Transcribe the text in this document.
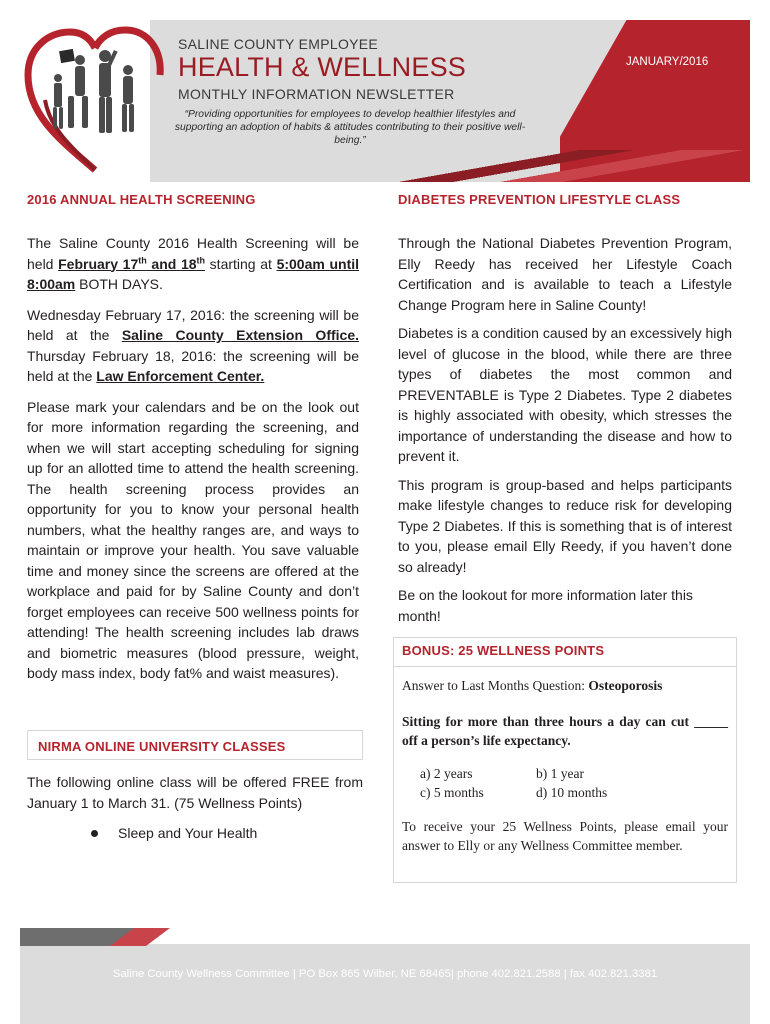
SALINE COUNTY EMPLOYEE
HEALTH & WELLNESS
MONTHLY INFORMATION NEWSLETTER
“Providing opportunities for employees to develop healthier lifestyles and supporting an adoption of habits & attitudes contributing to their positive well-being.”
JANUARY/2016
2016 ANNUAL HEALTH SCREENING

The Saline County 2016 Health Screening will be held February 17th and 18th starting at 5:00am until 8:00am BOTH DAYS.

Wednesday February 17, 2016: the screening will be held at the Saline County Extension Office. Thursday February 18, 2016: the screening will be held at the Law Enforcement Center.

Please mark your calendars and be on the look out for more information regarding the screening, and when we will start accepting scheduling for signing up for an allotted time to attend the health screening. The health screening process provides an opportunity for you to know your personal health numbers, what the healthy ranges are, and ways to maintain or improve your health. You save valuable time and money since the screens are offered at the workplace and paid for by Saline County and don’t forget employees can receive 500 wellness points for attending! The health screening includes lab draws and biometric measures (blood pressure, weight, body mass index, body fat% and waist measures).

NIRMA ONLINE UNIVERSITY CLASSES

The following online class will be offered FREE from January 1 to March 31. (75 Wellness Points)

Sleep and Your Health
DIABETES PREVENTION LIFESTYLE CLASS

Through the National Diabetes Prevention Program, Elly Reedy has received her Lifestyle Coach Certification and is available to teach a Lifestyle Change Program here in Saline County!

Diabetes is a condition caused by an excessively high level of glucose in the blood, while there are three types of diabetes the most common and PREVENTABLE is Type 2 Diabetes. Type 2 diabetes is highly associated with obesity, which stresses the importance of understanding the disease and how to prevent it.

This program is group-based and helps participants make lifestyle changes to reduce risk for developing Type 2 Diabetes. If this is something that is of interest to you, please email Elly Reedy, if you haven’t done so already!

Be on the lookout for more information later this month!

BONUS: 25 WELLNESS POINTS
Answer to Last Months Question: Osteoporosis
Sitting for more than three hours a day can cut _____ off a person’s life expectancy.
a) 2 years	b) 1 year
c) 5 months	d) 10 months
To receive your 25 Wellness Points, please email your answer to Elly or any Wellness Committee member.
Saline County Wellness Committee | PO Box 865 Wilber, NE 68465| phone 402.821.2588 | fax 402.821.3381
